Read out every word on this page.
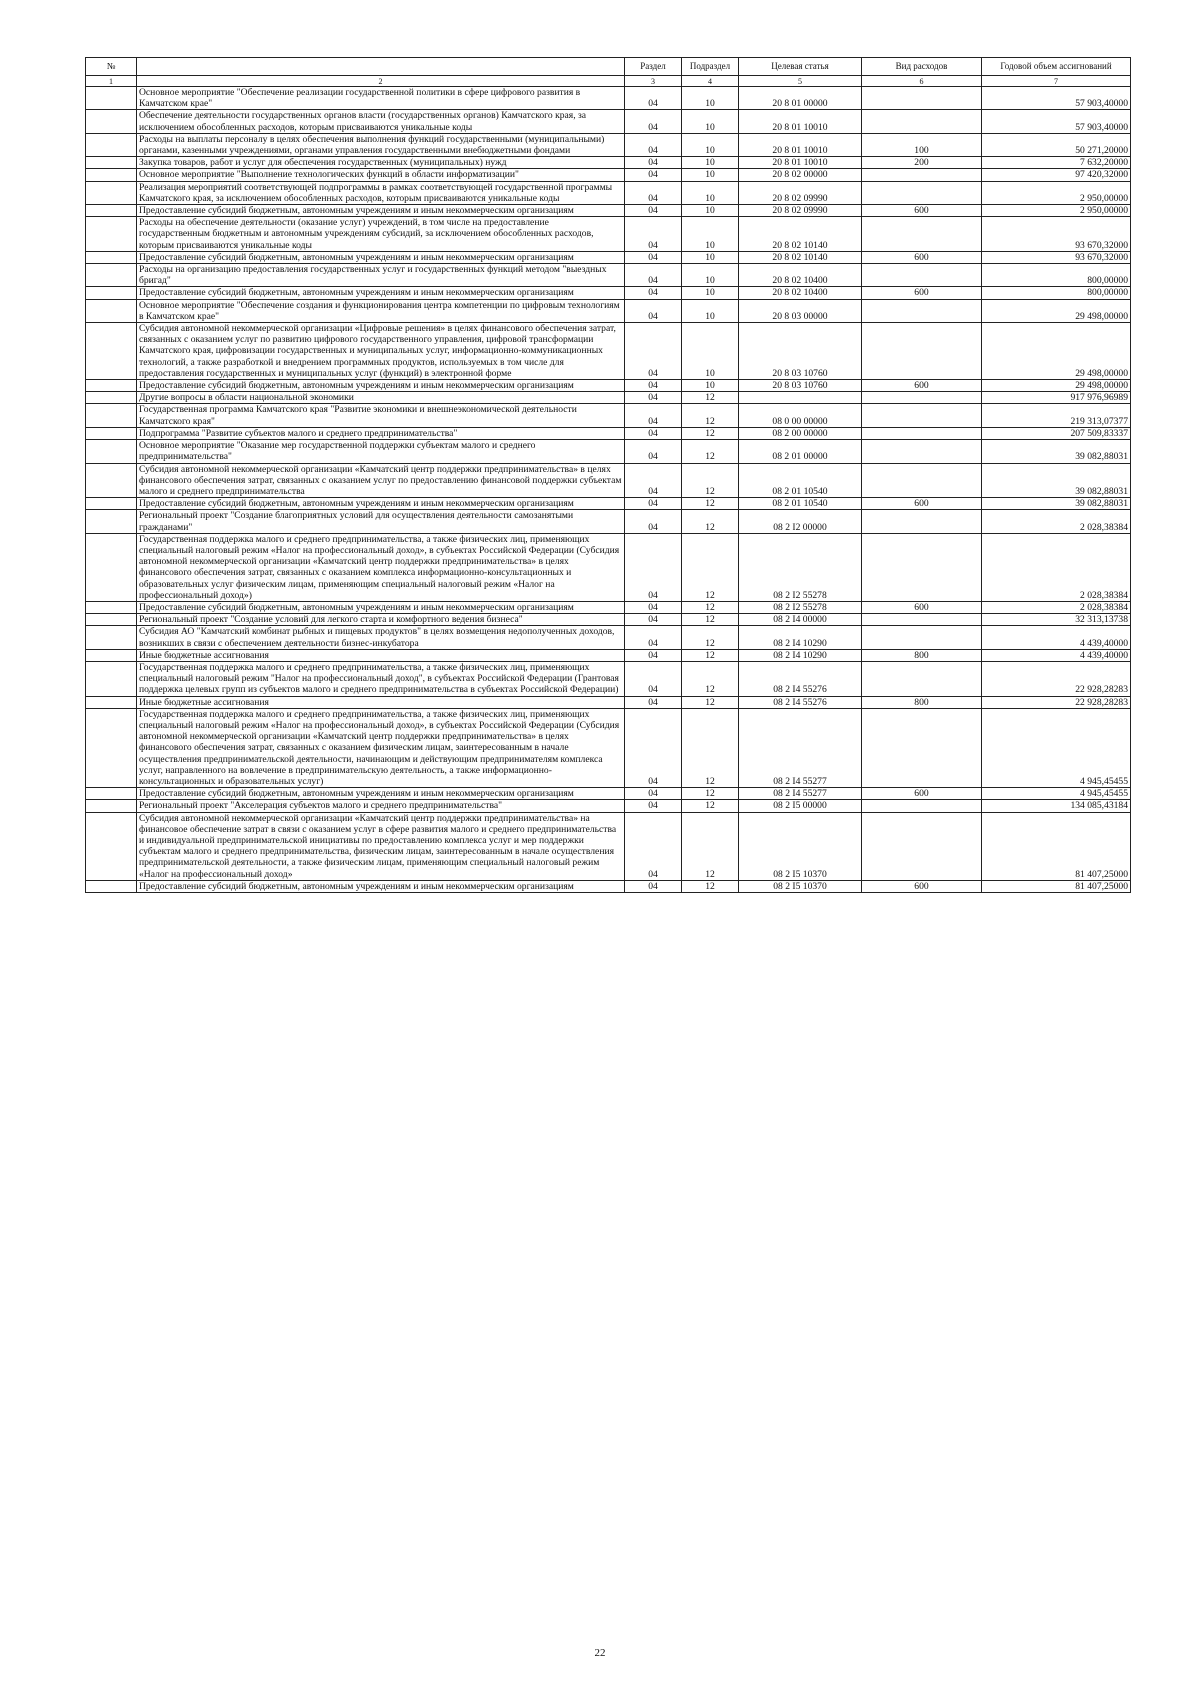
№		Раздел	Подраздел	Целевая статья	Вид расходов	Годовой объем ассигнований
1	2	3	4	5	6	7
	Основное мероприятие "Обеспечение реализации государственной политики в сфере цифрового развития в Камчатском крае"	04	10	20 8 01 00000		57 903,40000
	Обеспечение деятельности государственных органов власти (государственных органов) Камчатского края, за исключением обособленных расходов, которым присваиваются уникальные коды	04	10	20 8 01 10010		57 903,40000
	Расходы на выплаты персоналу в целях обеспечения выполнения функций государственными (муниципальными) органами, казенными учреждениями, органами управления государственными внебюджетными фондами	04	10	20 8 01 10010	100	50 271,20000
	Закупка товаров, работ и услуг для обеспечения государственных (муниципальных) нужд	04	10	20 8 01 10010	200	7 632,20000
	Основное мероприятие "Выполнение технологических функций в области информатизации"	04	10	20 8 02 00000		97 420,32000
	Реализация мероприятий соответствующей подпрограммы в рамках соответствующей государственной программы Камчатского края, за исключением обособленных расходов, которым присваиваются уникальные коды	04	10	20 8 02 09990		2 950,00000
	Предоставление субсидий бюджетным, автономным учреждениям и иным некоммерческим организациям	04	10	20 8 02 09990	600	2 950,00000
	Расходы на обеспечение деятельности (оказание услуг) учреждений, в том числе на предоставление государственным бюджетным и автономным учреждениям субсидий, за исключением обособленных расходов, которым присваиваются уникальные коды	04	10	20 8 02 10140		93 670,32000
	Предоставление субсидий бюджетным, автономным учреждениям и иным некоммерческим организациям	04	10	20 8 02 10140	600	93 670,32000
	Расходы на организацию предоставления государственных услуг и государственных функций методом "выездных бригад"	04	10	20 8 02 10400		800,00000
	Предоставление субсидий бюджетным, автономным учреждениям и иным некоммерческим организациям	04	10	20 8 02 10400	600	800,00000
	Основное мероприятие "Обеспечение создания и функционирования центра компетенции по цифровым технологиям в Камчатском крае"	04	10	20 8 03 00000		29 498,00000
	Субсидия автономной некоммерческой организации «Цифровые решения» в целях финансового обеспечения затрат, связанных с оказанием услуг по развитию цифрового государственного управления, цифровой трансформации Камчатского края, цифровизации государственных и муниципальных услуг, информационно-коммуникационных технологий, а также разработкой и внедрением программных продуктов, используемых в том числе для предоставления государственных и муниципальных услуг (функций) в электронной форме	04	10	20 8 03 10760		29 498,00000
	Предоставление субсидий бюджетным, автономным учреждениям и иным некоммерческим организациям	04	10	20 8 03 10760	600	29 498,00000
	Другие вопросы в области национальной экономики	04	12			917 976,96989
	Государственная программа Камчатского края "Развитие экономики и внешнеэкономической деятельности Камчатского края"	04	12	08 0 00 00000		219 313,07377
	Подпрограмма "Развитие субъектов малого и среднего предпринимательства"	04	12	08 2 00 00000		207 509,83337
	Основное мероприятие "Оказание мер государственной поддержки субъектам малого и среднего предпринимательства"	04	12	08 2 01 00000		39 082,88031
	Субсидия автономной некоммерческой организации «Камчатский центр поддержки предпринимательства» в целях финансового обеспечения затрат, связанных с оказанием услуг по предоставлению финансовой поддержки субъектам малого и среднего предпринимательства	04	12	08 2 01 10540		39 082,88031
	Предоставление субсидий бюджетным, автономным учреждениям и иным некоммерческим организациям	04	12	08 2 01 10540	600	39 082,88031
	Региональный проект "Создание благоприятных условий для осуществления деятельности самозанятыми гражданами"	04	12	08 2 I2 00000		2 028,38384
	Государственная поддержка малого и среднего предпринимательства, а также физических лиц, применяющих специальный налоговый режим «Налог на профессиональный доход», в субъектах Российской Федерации (Субсидия автономной некоммерческой организации «Камчатский центр поддержки предпринимательства» в целях финансового обеспечения затрат, связанных с оказанием комплекса информационно-консультационных и образовательных услуг физическим лицам, применяющим специальный налоговый режим «Налог на профессиональный доход»)	04	12	08 2 I2 55278		2 028,38384
	Предоставление субсидий бюджетным, автономным учреждениям и иным некоммерческим организациям	04	12	08 2 I2 55278	600	2 028,38384
	Региональный проект "Создание условий для легкого старта и комфортного ведения бизнеса"	04	12	08 2 I4 00000		32 313,13738
	Субсидия АО "Камчатский комбинат рыбных и пищевых продуктов" в целях возмещения недополученных доходов, возникших в связи с обеспечением деятельности бизнес-инкубатора	04	12	08 2 I4 10290		4 439,40000
	Иные бюджетные ассигнования	04	12	08 2 I4 10290	800	4 439,40000
	Государственная поддержка малого и среднего предпринимательства, а также физических лиц, применяющих специальный налоговый режим "Налог на профессиональный доход", в субъектах Российской Федерации (Грантовая поддержка целевых групп из субъектов малого и среднего предпринимательства в субъектах Российской Федерации)	04	12	08 2 I4 55276		22 928,28283
	Иные бюджетные ассигнования	04	12	08 2 I4 55276	800	22 928,28283
	Государственная поддержка малого и среднего предпринимательства, а также физических лиц, применяющих специальный налоговый режим «Налог на профессиональный доход», в субъектах Российской Федерации (Субсидия автономной некоммерческой организации «Камчатский центр поддержки предпринимательства» в целях финансового обеспечения затрат, связанных с оказанием физическим лицам, заинтересованным в начале осуществления предпринимательской деятельности, начинающим и действующим предпринимателям комплекса услуг, направленного на вовлечение в предпринимательскую деятельность, а также информационно-консультационных и образовательных услуг)	04	12	08 2 I4 55277		4 945,45455
	Предоставление субсидий бюджетным, автономным учреждениям и иным некоммерческим организациям	04	12	08 2 I4 55277	600	4 945,45455
	Региональный проект "Акселерация субъектов малого и среднего предпринимательства"	04	12	08 2 I5 00000		134 085,43184
	Субсидия автономной некоммерческой организации «Камчатский центр поддержки предпринимательства» на финансовое обеспечение затрат в связи с оказанием услуг в сфере развития малого и среднего предпринимательства и индивидуальной предпринимательской инициативы по предоставлению комплекса услуг и мер поддержки субъектам малого и среднего предпринимательства, физическим лицам, заинтересованным в начале осуществления предпринимательской деятельности, а также физическим лицам, применяющим специальный налоговый режим «Налог на профессиональный доход»	04	12	08 2 I5 10370		81 407,25000
	Предоставление субсидий бюджетным, автономным учреждениям и иным некоммерческим организациям	04	12	08 2 I5 10370	600	81 407,25000
22
